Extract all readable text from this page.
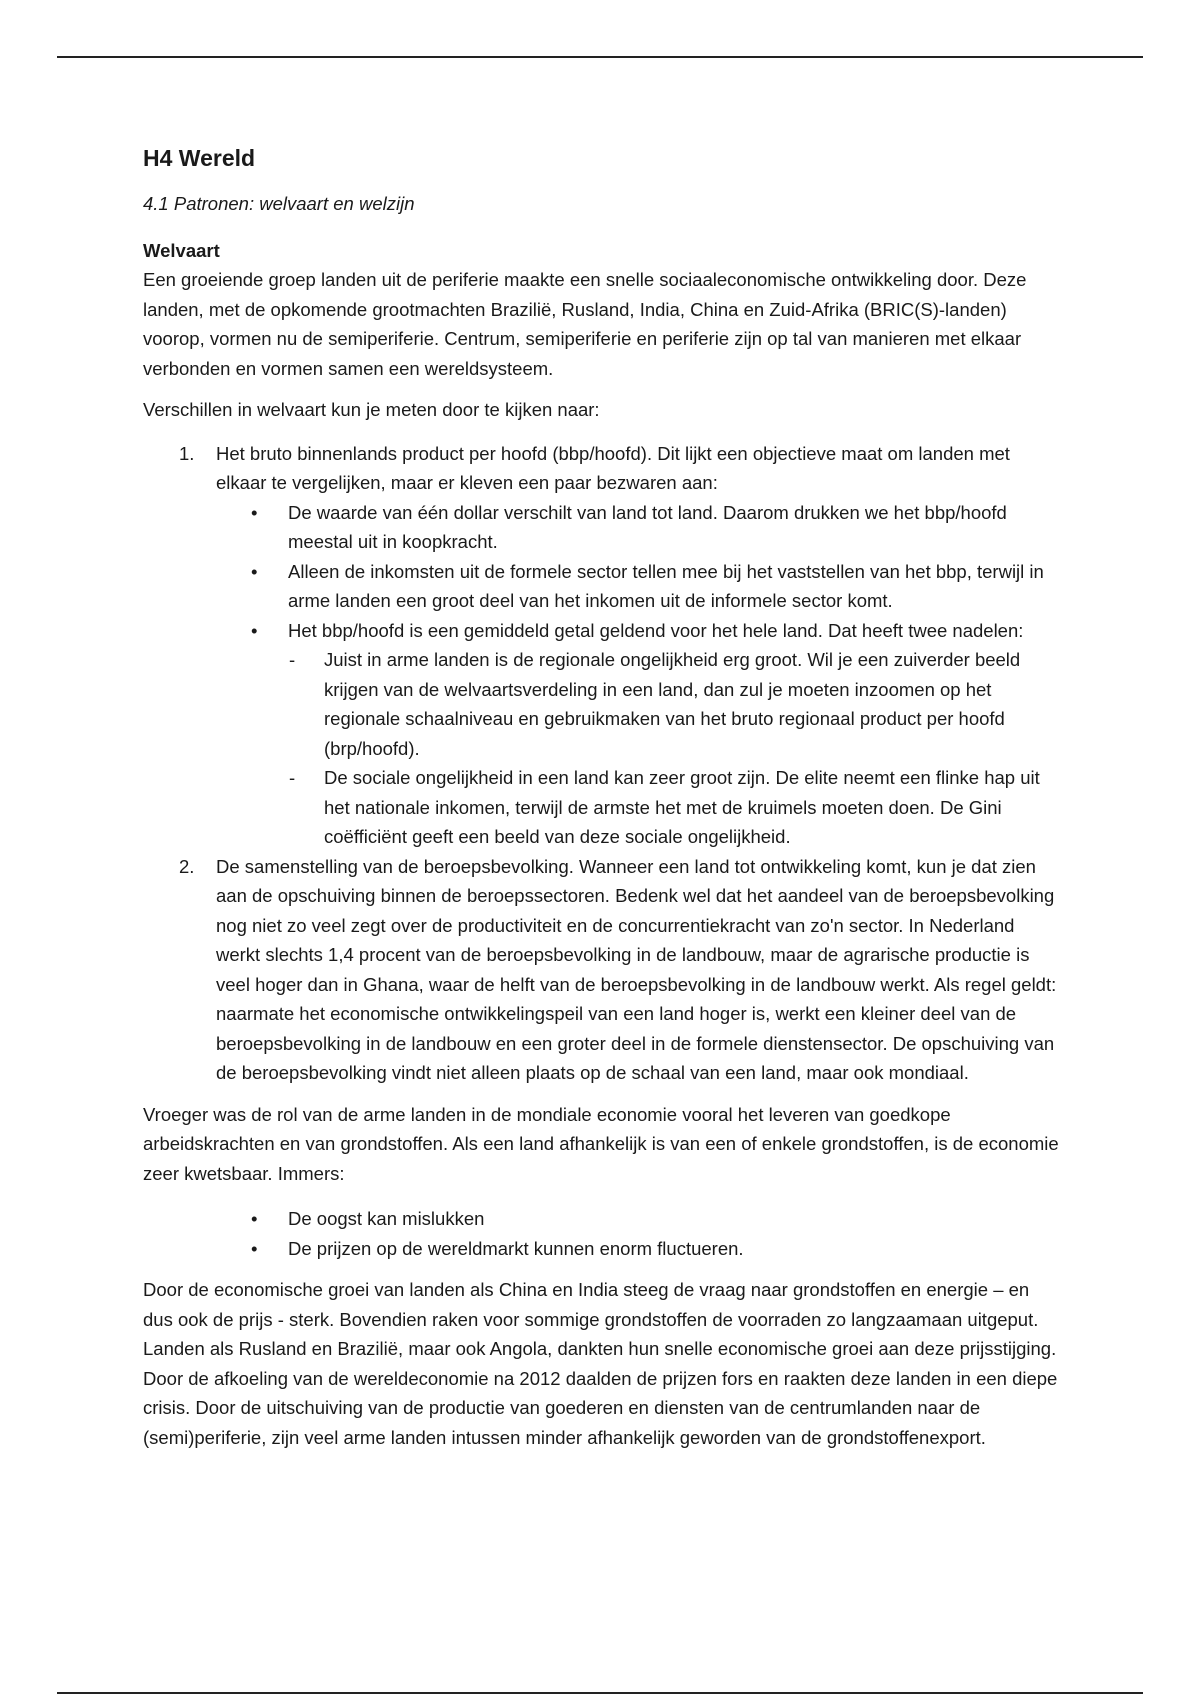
H4 Wereld
4.1 Patronen: welvaart en welzijn
Welvaart
Een groeiende groep landen uit de periferie maakte een snelle sociaaleconomische ontwikkeling door. Deze landen, met de opkomende grootmachten Brazilië, Rusland, India, China en Zuid-Afrika (BRIC(S)-landen) voorop, vormen nu de semiperiferie. Centrum, semiperiferie en periferie zijn op tal van manieren met elkaar verbonden en vormen samen een wereldsysteem.
Verschillen in welvaart kun je meten door te kijken naar:
1. Het bruto binnenlands product per hoofd (bbp/hoofd). Dit lijkt een objectieve maat om landen met elkaar te vergelijken, maar er kleven een paar bezwaren aan:
• De waarde van één dollar verschilt van land tot land. Daarom drukken we het bbp/hoofd meestal uit in koopkracht.
• Alleen de inkomsten uit de formele sector tellen mee bij het vaststellen van het bbp, terwijl in arme landen een groot deel van het inkomen uit de informele sector komt.
• Het bbp/hoofd is een gemiddeld getal geldend voor het hele land. Dat heeft twee nadelen:
- Juist in arme landen is de regionale ongelijkheid erg groot. Wil je een zuiverder beeld krijgen van de welvaartsverdeling in een land, dan zul je moeten inzoomen op het regionale schaalniveau en gebruikmaken van het bruto regionaal product per hoofd (brp/hoofd).
- De sociale ongelijkheid in een land kan zeer groot zijn. De elite neemt een flinke hap uit het nationale inkomen, terwijl de armste het met de kruimels moeten doen. De Gini coëfficiënt geeft een beeld van deze sociale ongelijkheid.
2. De samenstelling van de beroepsbevolking. Wanneer een land tot ontwikkeling komt, kun je dat zien aan de opschuiving binnen de beroepssectoren. Bedenk wel dat het aandeel van de beroepsbevolking nog niet zo veel zegt over de productiviteit en de concurrentiekracht van zo'n sector. In Nederland werkt slechts 1,4 procent van de beroepsbevolking in de landbouw, maar de agrarische productie is veel hoger dan in Ghana, waar de helft van de beroepsbevolking in de landbouw werkt. Als regel geldt: naarmate het economische ontwikkelingspeil van een land hoger is, werkt een kleiner deel van de beroepsbevolking in de landbouw en een groter deel in de formele dienstensector. De opschuiving van de beroepsbevolking vindt niet alleen plaats op de schaal van een land, maar ook mondiaal.
Vroeger was de rol van de arme landen in de mondiale economie vooral het leveren van goedkope arbeidskrachten en van grondstoffen. Als een land afhankelijk is van een of enkele grondstoffen, is de economie zeer kwetsbaar. Immers:
• De oogst kan mislukken
• De prijzen op de wereldmarkt kunnen enorm fluctueren.
Door de economische groei van landen als China en India steeg de vraag naar grondstoffen en energie – en dus ook de prijs - sterk. Bovendien raken voor sommige grondstoffen de voorraden zo langzaamaan uitgeput. Landen als Rusland en Brazilië, maar ook Angola, dankten hun snelle economische groei aan deze prijsstijging. Door de afkoeling van de wereldeconomie na 2012 daalden de prijzen fors en raakten deze landen in een diepe crisis. Door de uitschuiving van de productie van goederen en diensten van de centrumlanden naar de (semi)periferie, zijn veel arme landen intussen minder afhankelijk geworden van de grondstoffenexport.
